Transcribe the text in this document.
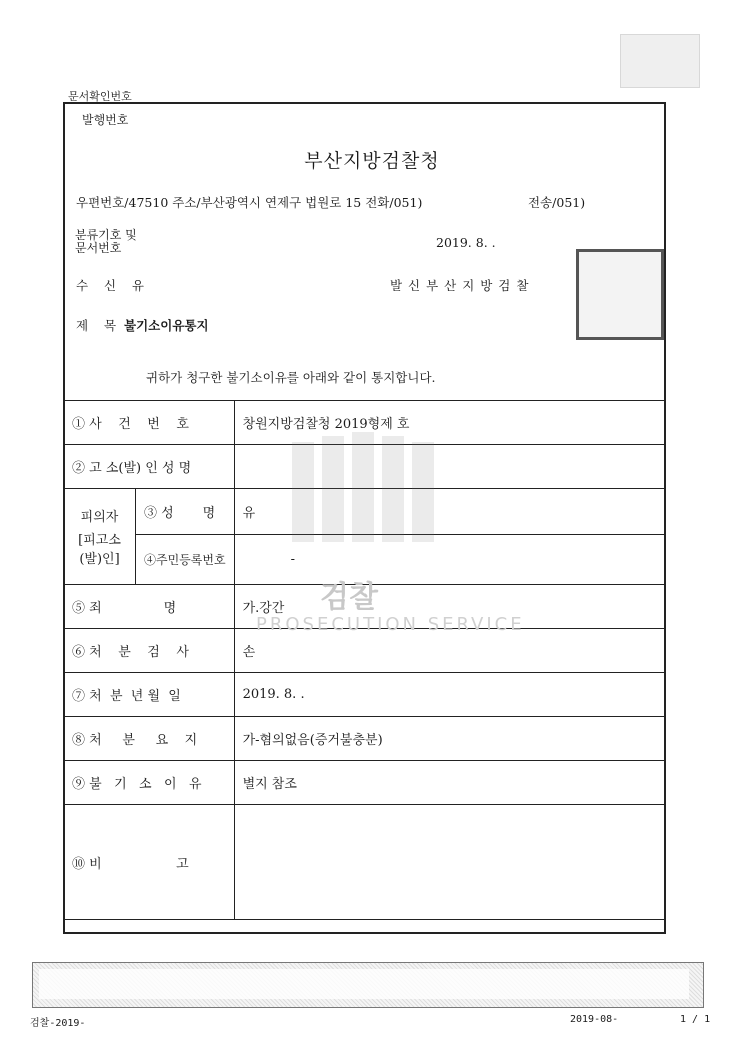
문서확인번호
발행번호
부산지방검찰청
우편번호/47510 주소/부산광역시 연제구 법원로 15 전화/051)	전송/051)
분류기호 및
문서번호	2019. 8. .
수    신    유	발 신 부 산 지 방 검 찰
제    목  불기소이유통지
귀하가 청구한 불기소이유를 아래와 같이 통지합니다.
① 사    건    번    호		창원지방검찰청 2019형제 호
② 고 소(발) 인 성 명		

피의자
[피고소(발)인]	③ 성       명	유
	④주민등록번호	-
⑤ 죄               명		가.강간
⑥ 처    분    검    사		손
⑦ 처  분  년 월  일		2019. 8. .
⑧ 처     분     요    지		가-혐의없음(증거불충분)
⑨ 불   기   소   이   유		별지 참조
⑩ 비                  고		
검찰
PROSECUTION SERVICE
검찰-2019-	2019-08-	1 / 1
